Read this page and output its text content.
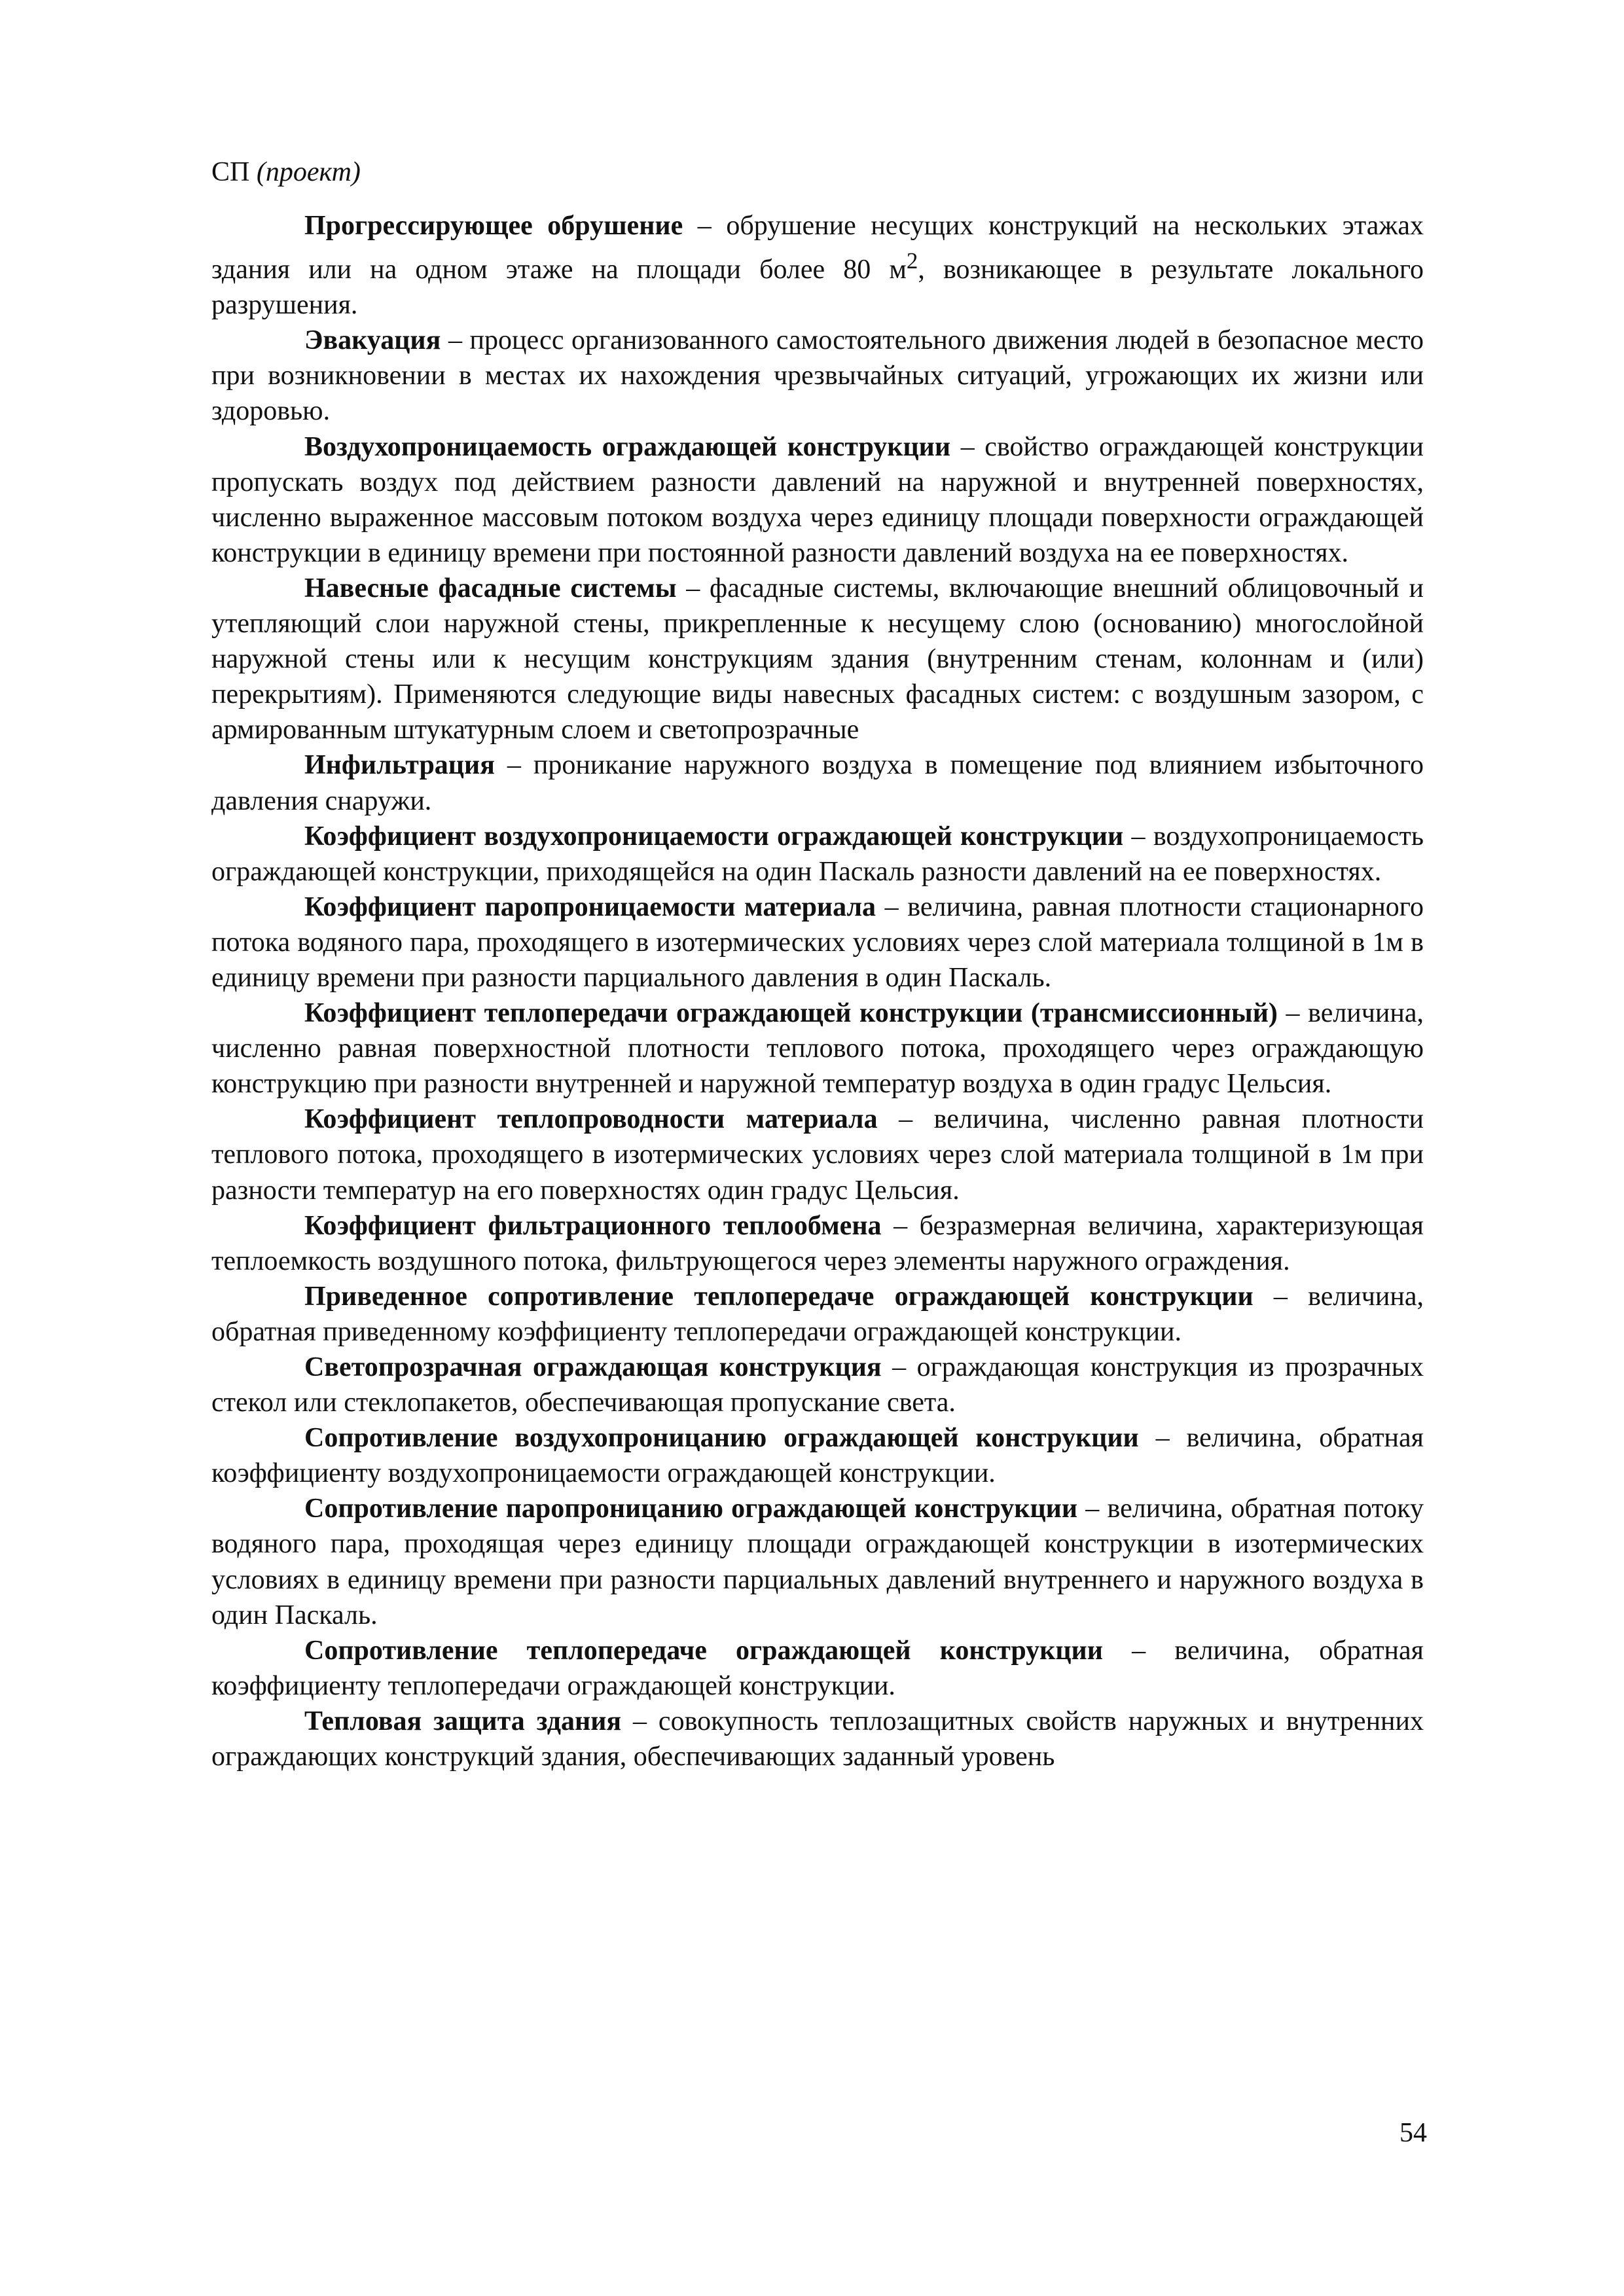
СП (проект)

Прогрессирующее обрушение – обрушение несущих конструкций на нескольких этажах здания или на одном этаже на площади более 80 $м^2$, возникающее в результате локального разрушения.

Эвакуация – процесс организованного самостоятельного движения людей в безопасное место при возникновении в местах их нахождения чрезвычайных ситуаций, угрожающих их жизни или здоровью.

Воздухопроницаемость ограждающей конструкции – свойство ограждающей конструкции пропускать воздух под действием разности давлений на наружной и внутренней поверхностях, численно выраженное массовым потоком воздуха через единицу площади поверхности ограждающей конструкции в единицу времени при постоянной разности давлений воздуха на ее поверхностях.

Навесные фасадные системы – фасадные системы, включающие внешний облицовочный и утепляющий слои наружной стены, прикрепленные к несущему слою (основанию) многослойной наружной стены или к несущим конструкциям здания (внутренним стенам, колоннам и (или) перекрытиям). Применяются следующие виды навесных фасадных систем: с воздушным зазором, с армированным штукатурным слоем и светопрозрачные

Инфильтрация – проникание наружного воздуха в помещение под влиянием избыточного давления снаружи.

Коэффициент воздухопроницаемости ограждающей конструкции – воздухопроницаемость ограждающей конструкции, приходящейся на один Паскаль разности давлений на ее поверхностях.

Коэффициент паропроницаемости материала – величина, равная плотности стационарного потока водяного пара, проходящего в изотермических условиях через слой материала толщиной в 1м в единицу времени при разности парциального давления в один Паскаль.

Коэффициент теплопередачи ограждающей конструкции (трансмиссионный) – величина, численно равная поверхностной плотности теплового потока, проходящего через ограждающую конструкцию при разности внутренней и наружной температур воздуха в один градус Цельсия.

Коэффициент теплопроводности материала – величина, численно равная плотности теплового потока, проходящего в изотермических условиях через слой материала толщиной в 1м при разности температур на его поверхностях один градус Цельсия.

Коэффициент фильтрационного теплообмена – безразмерная величина, характеризующая теплоемкость воздушного потока, фильтрующегося через элементы наружного ограждения.

Приведенное сопротивление теплопередаче ограждающей конструкции – величина, обратная приведенному коэффициенту теплопередачи ограждающей конструкции.

Светопрозрачная ограждающая конструкция – ограждающая конструкция из прозрачных стекол или стеклопакетов, обеспечивающая пропускание света.

Сопротивление воздухопроницанию ограждающей конструкции – величина, обратная коэффициенту воздухопроницаемости ограждающей конструкции.

Сопротивление паропроницанию ограждающей конструкции – величина, обратная потоку водяного пара, проходящая через единицу площади ограждающей конструкции в изотермических условиях в единицу времени при разности парциальных давлений внутреннего и наружного воздуха в один Паскаль.

Сопротивление теплопередаче ограждающей конструкции – величина, обратная коэффициенту теплопередачи ограждающей конструкции.

Тепловая защита здания – совокупность теплозащитных свойств наружных и внутренних ограждающих конструкций здания, обеспечивающих заданный уровень

54
